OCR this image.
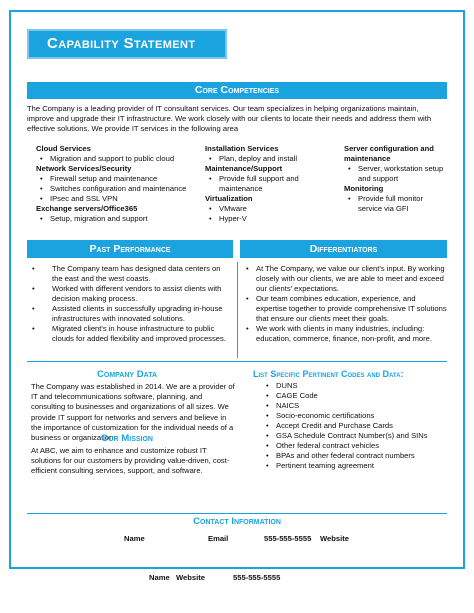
Capability Statement
Core Competencies
The Company is a leading provider of IT consultant services. Our team specializes in helping organizations maintain, improve and upgrade their IT infrastructure. We work closely with our clients to locate their needs and address them with effective solutions. We provide IT services in the following area
Cloud Services
• Migration and support to public cloud
Network Services/Security
• Firewall setup and maintenance
• Switches configuration and maintenance
• IPsec and SSL VPN
Exchange servers/Office365
• Setup, migration and support
Installation Services
• Plan, deploy and install
Maintenance/Support
• Provide full support and maintenance
Virtualization
• VMware
• Hyper-V
Server configuration and maintenance
• Server, workstation setup and support
Monitoring
• Provide full monitor service via GFI
Past Performance	Differentiators
• The Company team has designed data centers on the east and the west coasts.
• Worked with different vendors to assist clients with decision making process.
• Assisted clients in successfully upgrading in-house infrastructures with innovated solutions.
• Migrated client's in house infrastructure to public clouds for added flexibility and improved processes.
• At The Company, we value our client's input. By working closely with our clients, we are able to meet and exceed our clients' expectations.
• Our team combines education, experience, and expertise together to provide comprehensive IT solutions that ensure our clients meet their goals.
• We work with clients in many industries, including: education, commerce, finance, non-profit, and more.
Company Data
The Company was established in 2014. We are a provider of IT and telecommunications software, planning, and consulting to businesses and organizations of all sizes. We provide IT support for networks and servers and believe in the importance of customization for the individual needs of a business or organization.
Our Mission
At ABC, we aim to enhance and customize robust IT solutions for our customers by providing value-driven, cost-efficient consulting services, support, and software.
List Specific Pertinent Codes and Data:
• DUNS
• CAGE Code
• NAICS
• Socio-economic certifications
• Accept Credit and Purchase Cards
• GSA Schedule Contract Number(s) and SINs
• Other federal contract vehicles
• BPAs and other federal contract numbers
• Pertinent teaming agreement
Contact Information
Name	Email	555-555-5555 Website
Name Website	555-555-5555
